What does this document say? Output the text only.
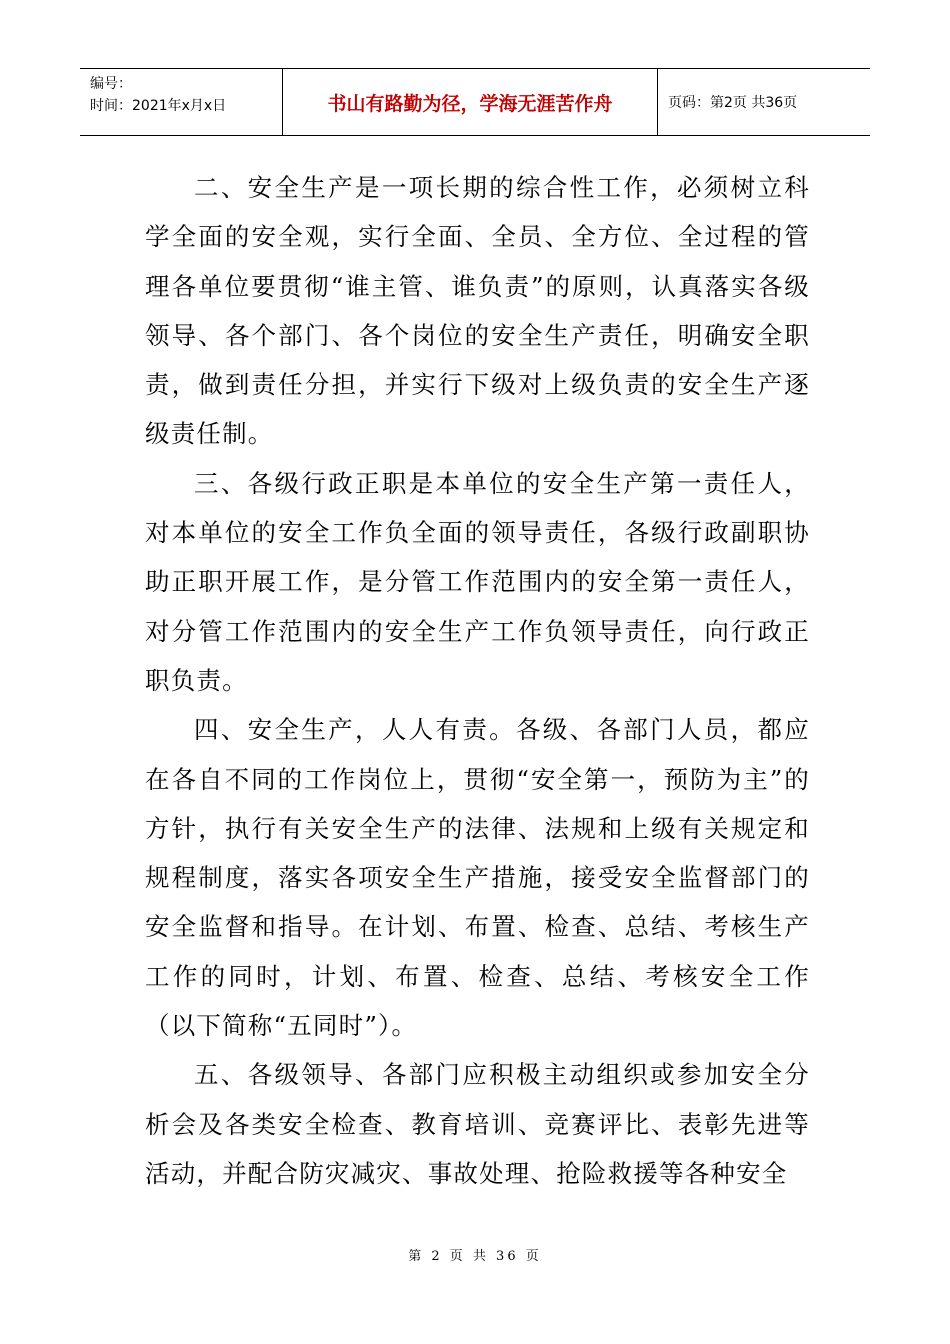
编号：
时间：2021年x月x日	书山有路勤为径，学海无涯苦作舟	页码：第2页 共36页

二、安全生产是一项长期的综合性工作，必须树立科学全面的安全观，实行全面、全员、全方位、全过程的管理各单位要贯彻“谁主管、谁负责”的原则，认真落实各级领导、各个部门、各个岗位的安全生产责任，明确安全职责，做到责任分担，并实行下级对上级负责的安全生产逐级责任制。

三、各级行政正职是本单位的安全生产第一责任人，对本单位的安全工作负全面的领导责任，各级行政副职协助正职开展工作，是分管工作范围内的安全第一责任人，对分管工作范围内的安全生产工作负领导责任，向行政正职负责。

四、安全生产，人人有责。各级、各部门人员，都应在各自不同的工作岗位上，贯彻“安全第一，预防为主”的方针，执行有关安全生产的法律、法规和上级有关规定和规程制度，落实各项安全生产措施，接受安全监督部门的安全监督和指导。在计划、布置、检查、总结、考核生产工作的同时，计划、布置、检查、总结、考核安全工作（以下简称“五同时”）。

五、各级领导、各部门应积极主动组织或参加安全分析会及各类安全检查、教育培训、竞赛评比、表彰先进等活动，并配合防灾减灾、事故处理、抢险救援等各种安全

第 2 页 共 36 页
